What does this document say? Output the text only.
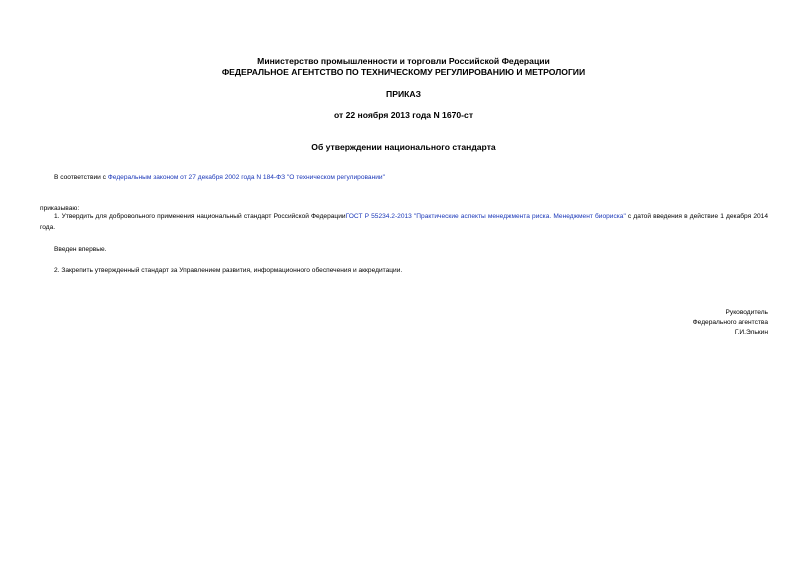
Министерство промышленности и торговли Российской Федерации
ФЕДЕРАЛЬНОЕ АГЕНТСТВО ПО ТЕХНИЧЕСКОМУ РЕГУЛИРОВАНИЮ И МЕТРОЛОГИИ
ПРИКАЗ
от 22 ноября 2013 года N 1670-ст
Об утверждении национального стандарта
В соответствии с Федеральным законом от 27 декабря 2002 года N 184-ФЗ "О техническом регулировании"
приказываю:
1. Утвердить для добровольного применения национальный стандарт Российской ФедерацииГОСТ Р 55234.2-2013 "Практические аспекты менеджмента риска. Менеджмент биориска" с датой введения в действие 1 декабря 2014 года.
Введен впервые.
2. Закрепить утвержденный стандарт за Управлением развития, информационного обеспечения и аккредитации.
Руководитель
Федерального агентства
Г.И.Элькин
